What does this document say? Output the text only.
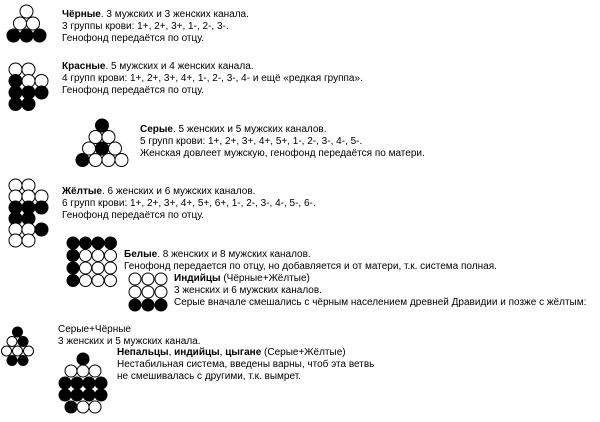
Чёрные. 3 мужских и 3 женских канала.
3 группы крови: 1+, 2+, 3+, 1-, 2-, 3-.
Генофонд передаётся по отцу.
Красные. 5 мужских и 4 женских канала.
4 групп крови: 1+, 2+, 3+, 4+, 1-, 2-, 3-, 4- и ещё «редкая группа».
Генофонд передаётся по отцу.
Серые. 5 женских и 5 мужских каналов.
5 групп крови: 1+, 2+, 3+, 4+, 5+, 1-, 2-, 3-, 4-, 5-.
Женская довлеет мужскую, генофонд передаётся по матери.
Жёлтые. 6 женских и 6 мужских каналов.
6 групп крови: 1+, 2+, 3+, 4+, 5+, 6+, 1-, 2-, 3-, 4-, 5-, 6-.
Генофонд передаётся по отцу.
Белые. 8 женских и 8 мужских каналов.
Генофонд передается по отцу, но добавляется и от матери, т.к. система полная.
Индийцы (Чёрные+Жёлтые)
3 женских и 6 мужских каналов.
Серые вначале смешались с чёрным населением древней Дравидии и позже с жёлтым:
Серые+Чёрные
3 женских и 5 мужских канала.
Непальцы, индийцы, цыгане (Серые+Жёлтые)
Нестабильная система, введены варны, чтоб эта ветвь
не смешивалась с другими, т.к. вымрет.
